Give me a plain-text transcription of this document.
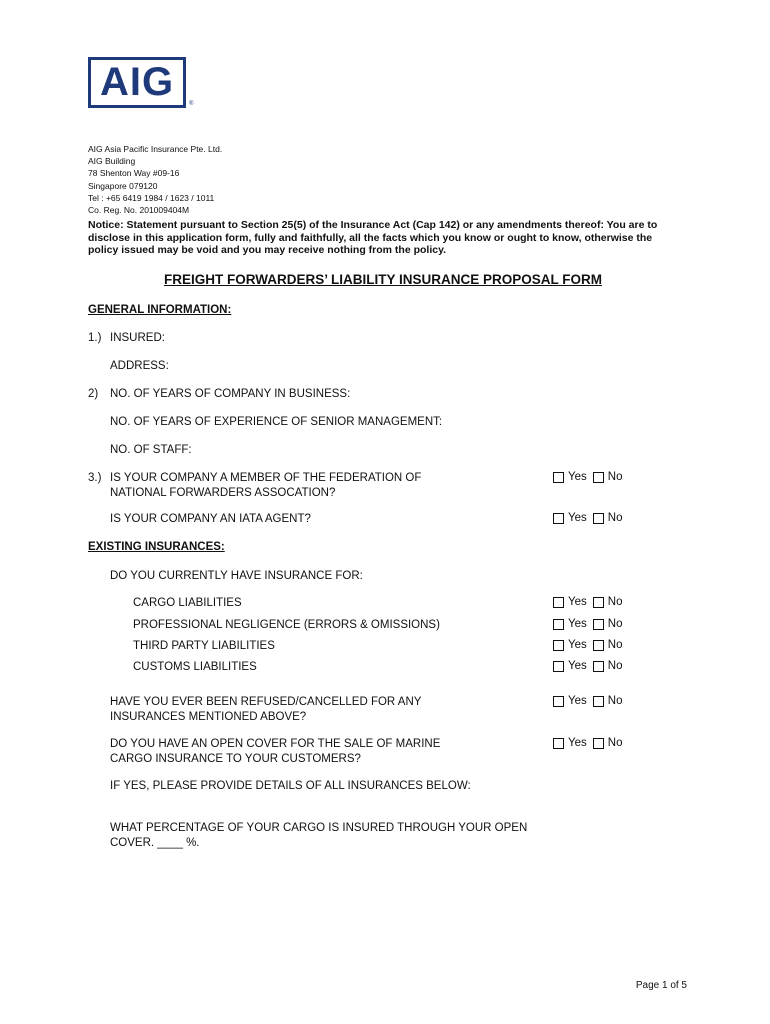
AIG ®
AIG Asia Pacific Insurance Pte. Ltd.
AIG Building
78 Shenton Way #09-16
Singapore 079120
Tel : +65 6419 1984 / 1623 / 1011
Co. Reg. No. 201009404M
Notice: Statement pursuant to Section 25(5) of the Insurance Act (Cap 142) or any amendments thereof: You are to disclose in this application form, fully and faithfully, all the facts which you know or ought to know, otherwise the policy issued may be void and you may receive nothing from the policy.
FREIGHT FORWARDERS’ LIABILITY INSURANCE PROPOSAL FORM
GENERAL INFORMATION:
1.) INSURED:
ADDRESS:
2) NO. OF YEARS OF COMPANY IN BUSINESS:
NO. OF YEARS OF EXPERIENCE OF SENIOR MANAGEMENT:
NO. OF STAFF:
3.) IS YOUR COMPANY A MEMBER OF THE FEDERATION OF
NATIONAL FORWARDERS ASSOCATION?
Yes No
IS YOUR COMPANY AN IATA AGENT?	Yes No
EXISTING INSURANCES:
DO YOU CURRENTLY HAVE INSURANCE FOR:
CARGO LIABILITIES	Yes No
PROFESSIONAL NEGLIGENCE (ERRORS & OMISSIONS)	Yes No
THIRD PARTY LIABILITIES	Yes No
CUSTOMS LIABILITIES	Yes No
HAVE YOU EVER BEEN REFUSED/CANCELLED FOR ANY
INSURANCES MENTIONED ABOVE?
Yes No
DO YOU HAVE AN OPEN COVER FOR THE SALE OF MARINE
CARGO INSURANCE TO YOUR CUSTOMERS?
Yes No
IF YES, PLEASE PROVIDE DETAILS OF ALL INSURANCES BELOW:
WHAT PERCENTAGE OF YOUR CARGO IS INSURED THROUGH YOUR OPEN
COVER. ____ %.
Page 1 of 5
